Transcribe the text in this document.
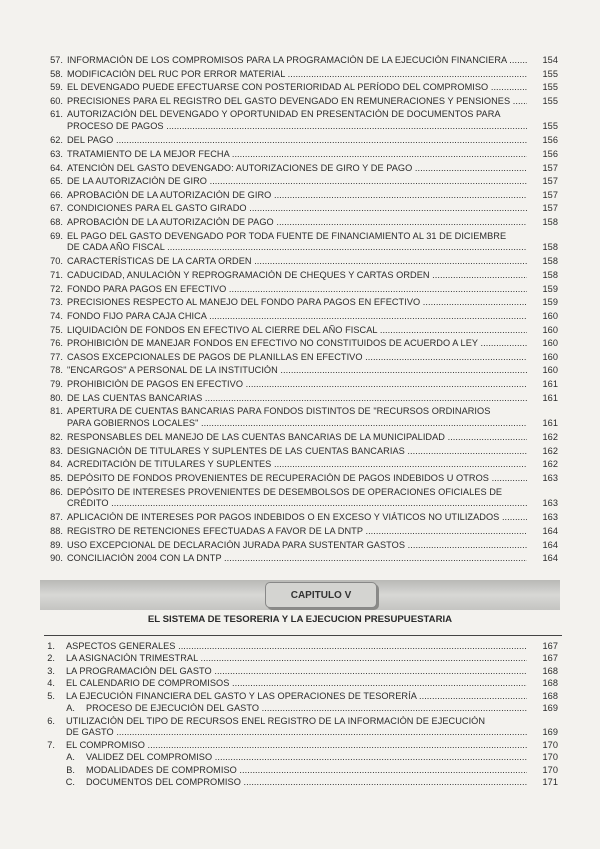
57. INFORMACIÓN DE LOS COMPROMISOS PARA LA PROGRAMACIÓN DE LA EJECUCIÓN FINANCIERA .....	154
58. MODIFICACIÓN DEL RUC POR ERROR MATERIAL .....	155
59. EL DEVENGADO PUEDE EFECTUARSE CON POSTERIORIDAD AL PERÍODO DEL COMPROMISO .....	155
60. PRECISIONES PARA EL REGISTRO DEL GASTO DEVENGADO EN REMUNERACIONES Y PENSIONES .....	155
61. AUTORIZACIÓN DEL DEVENGADO Y OPORTUNIDAD EN PRESENTACIÓN DE DOCUMENTOS PARA
PROCESO DE PAGOS .....	155
62. DEL PAGO .....	156
63. TRATAMIENTO DE LA MEJOR FECHA .....	156
64. ATENCIÓN DEL GASTO DEVENGADO: AUTORIZACIONES DE GIRO Y DE PAGO .....	157
65. DE LA AUTORIZACIÓN DE GIRO .....	157
66. APROBACIÓN DE LA AUTORIZACIÓN DE GIRO .....	157
67. CONDICIONES PARA EL GASTO GIRADO .....	157
68. APROBACIÓN DE LA AUTORIZACIÓN DE PAGO .....	158
69. EL PAGO DEL GASTO DEVENGADO POR TODA FUENTE DE FINANCIAMIENTO AL 31 DE DICIEMBRE
DE CADA AÑO FISCAL .....	158
70. CARACTERÍSTICAS DE LA CARTA ORDEN .....	158
71. CADUCIDAD, ANULACIÓN Y REPROGRAMACIÓN DE CHEQUES Y CARTAS ORDEN .....	158
72. FONDO PARA PAGOS EN EFECTIVO .....	159
73. PRECISIONES RESPECTO AL MANEJO DEL FONDO PARA PAGOS EN EFECTIVO .....	159
74. FONDO FIJO PARA CAJA CHICA .....	160
75. LIQUIDACIÓN DE FONDOS EN EFECTIVO AL CIERRE DEL AÑO FISCAL .....	160
76. PROHIBICIÓN DE MANEJAR FONDOS EN EFECTIVO NO CONSTITUIDOS DE ACUERDO A LEY .....	160
77. CASOS EXCEPCIONALES DE PAGOS DE PLANILLAS EN EFECTIVO .....	160
78. "ENCARGOS" A PERSONAL DE LA INSTITUCIÓN .....	160
79. PROHIBICIÓN DE PAGOS EN EFECTIVO .....	161
80. DE LAS CUENTAS BANCARIAS .....	161
81. APERTURA DE CUENTAS BANCARIAS PARA FONDOS DISTINTOS DE "RECURSOS ORDINARIOS
PARA GOBIERNOS LOCALES" .....	161
82. RESPONSABLES DEL MANEJO DE LAS CUENTAS BANCARIAS DE LA MUNICIPALIDAD .....	162
83. DESIGNACIÓN DE TITULARES Y SUPLENTES DE LAS CUENTAS BANCARIAS .....	162
84. ACREDITACIÓN DE TITULARES Y SUPLENTES .....	162
85. DEPÓSITO DE FONDOS PROVENIENTES DE RECUPERACIÓN DE PAGOS INDEBIDOS U OTROS .....	163
86. DEPÓSITO DE INTERESES PROVENIENTES DE DESEMBOLSOS DE OPERACIONES OFICIALES DE
CRÉDITO .....	163
87. APLICACIÓN DE INTERESES POR PAGOS INDEBIDOS O EN EXCESO Y VIÁTICOS NO UTILIZADOS .....	163
88. REGISTRO DE RETENCIONES EFECTUADAS A FAVOR DE LA DNTP .....	164
89. USO EXCEPCIONAL DE DECLARACIÓN JURADA PARA SUSTENTAR GASTOS .....	164
90. CONCILIACIÓN 2004 CON LA DNTP .....	164
CAPITULO V
EL SISTEMA DE TESORERIA Y LA EJECUCION PRESUPUESTARIA
1. ASPECTOS GENERALES .....	167
2. LA ASIGNACIÓN TRIMESTRAL .....	167
3. LA PROGRAMACIÓN DEL GASTO .....	168
4. EL CALENDARIO DE COMPROMISOS .....	168
5. LA EJECUCIÓN FINANCIERA DEL GASTO Y LAS OPERACIONES DE TESORERÍA .....	168
A. PROCESO DE EJECUCIÓN DEL GASTO .....	169
6. UTILIZACIÓN DEL TIPO DE RECURSOS ENEL REGISTRO DE LA INFORMACIÓN DE EJECUCIÓN
DE GASTO .....	169
7. EL COMPROMISO .....	170
A. VALIDEZ DEL COMPROMISO .....	170
B. MODALIDADES DE COMPROMISO .....	170
C. DOCUMENTOS DEL COMPROMISO .....	171
